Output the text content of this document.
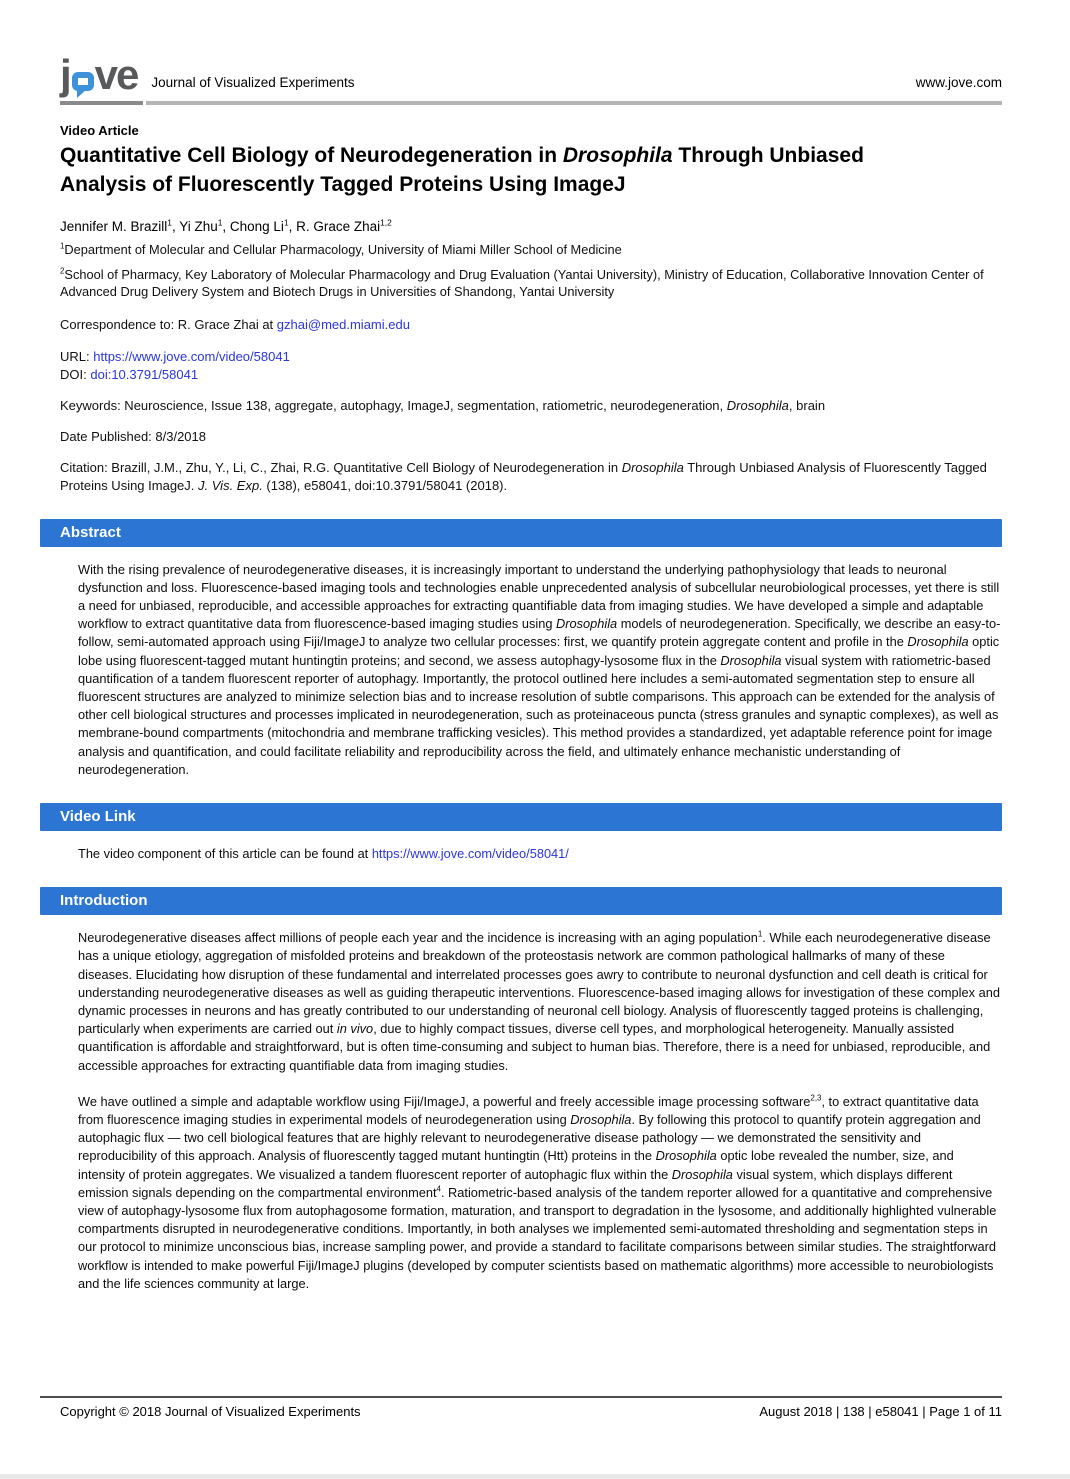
j ve Journal of Visualized Experiments	www.jove.com
Video Article
Quantitative Cell Biology of Neurodegeneration in Drosophila Through Unbiased Analysis of Fluorescently Tagged Proteins Using ImageJ
Jennifer M. Brazill$^1$, Yi Zhu$^1$, Chong Li$^1$, R. Grace Zhai$^{1,2}$
$^1$Department of Molecular and Cellular Pharmacology, University of Miami Miller School of Medicine
$^2$School of Pharmacy, Key Laboratory of Molecular Pharmacology and Drug Evaluation (Yantai University), Ministry of Education, Collaborative Innovation Center of Advanced Drug Delivery System and Biotech Drugs in Universities of Shandong, Yantai University
Correspondence to: R. Grace Zhai at gzhai@med.miami.edu
URL: https://www.jove.com/video/58041
DOI: doi:10.3791/58041
Keywords: Neuroscience, Issue 138, aggregate, autophagy, ImageJ, segmentation, ratiometric, neurodegeneration, Drosophila, brain
Date Published: 8/3/2018
Citation: Brazill, J.M., Zhu, Y., Li, C., Zhai, R.G. Quantitative Cell Biology of Neurodegeneration in Drosophila Through Unbiased Analysis of Fluorescently Tagged Proteins Using ImageJ. J. Vis. Exp. (138), e58041, doi:10.3791/58041 (2018).
Abstract

With the rising prevalence of neurodegenerative diseases, it is increasingly important to understand the underlying pathophysiology that leads to neuronal dysfunction and loss. Fluorescence-based imaging tools and technologies enable unprecedented analysis of subcellular neurobiological processes, yet there is still a need for unbiased, reproducible, and accessible approaches for extracting quantifiable data from imaging studies. We have developed a simple and adaptable workflow to extract quantitative data from fluorescence-based imaging studies using Drosophila models of neurodegeneration. Specifically, we describe an easy-to-follow, semi-automated approach using Fiji/ImageJ to analyze two cellular processes: first, we quantify protein aggregate content and profile in the Drosophila optic lobe using fluorescent-tagged mutant huntingtin proteins; and second, we assess autophagy-lysosome flux in the Drosophila visual system with ratiometric-based quantification of a tandem fluorescent reporter of autophagy. Importantly, the protocol outlined here includes a semi-automated segmentation step to ensure all fluorescent structures are analyzed to minimize selection bias and to increase resolution of subtle comparisons. This approach can be extended for the analysis of other cell biological structures and processes implicated in neurodegeneration, such as proteinaceous puncta (stress granules and synaptic complexes), as well as membrane-bound compartments (mitochondria and membrane trafficking vesicles). This method provides a standardized, yet adaptable reference point for image analysis and quantification, and could facilitate reliability and reproducibility across the field, and ultimately enhance mechanistic understanding of neurodegeneration.

Video Link

The video component of this article can be found at https://www.jove.com/video/58041/

Introduction

Neurodegenerative diseases affect millions of people each year and the incidence is increasing with an aging population$^1$. While each neurodegenerative disease has a unique etiology, aggregation of misfolded proteins and breakdown of the proteostasis network are common pathological hallmarks of many of these diseases. Elucidating how disruption of these fundamental and interrelated processes goes awry to contribute to neuronal dysfunction and cell death is critical for understanding neurodegenerative diseases as well as guiding therapeutic interventions. Fluorescence-based imaging allows for investigation of these complex and dynamic processes in neurons and has greatly contributed to our understanding of neuronal cell biology. Analysis of fluorescently tagged proteins is challenging, particularly when experiments are carried out in vivo, due to highly compact tissues, diverse cell types, and morphological heterogeneity. Manually assisted quantification is affordable and straightforward, but is often time-consuming and subject to human bias. Therefore, there is a need for unbiased, reproducible, and accessible approaches for extracting quantifiable data from imaging studies.

We have outlined a simple and adaptable workflow using Fiji/ImageJ, a powerful and freely accessible image processing software$^{2,3}$, to extract quantitative data from fluorescence imaging studies in experimental models of neurodegeneration using Drosophila. By following this protocol to quantify protein aggregation and autophagic flux — two cell biological features that are highly relevant to neurodegenerative disease pathology — we demonstrated the sensitivity and reproducibility of this approach. Analysis of fluorescently tagged mutant huntingtin (Htt) proteins in the Drosophila optic lobe revealed the number, size, and intensity of protein aggregates. We visualized a tandem fluorescent reporter of autophagic flux within the Drosophila visual system, which displays different emission signals depending on the compartmental environment$^4$. Ratiometric-based analysis of the tandem reporter allowed for a quantitative and comprehensive view of autophagy-lysosome flux from autophagosome formation, maturation, and transport to degradation in the lysosome, and additionally highlighted vulnerable compartments disrupted in neurodegenerative conditions. Importantly, in both analyses we implemented semi-automated thresholding and segmentation steps in our protocol to minimize unconscious bias, increase sampling power, and provide a standard to facilitate comparisons between similar studies. The straightforward workflow is intended to make powerful Fiji/ImageJ plugins (developed by computer scientists based on mathematic algorithms) more accessible to neurobiologists and the life sciences community at large.

Copyright © 2018 Journal of Visualized Experiments	August 2018 | 138 | e58041 | Page 1 of 11
